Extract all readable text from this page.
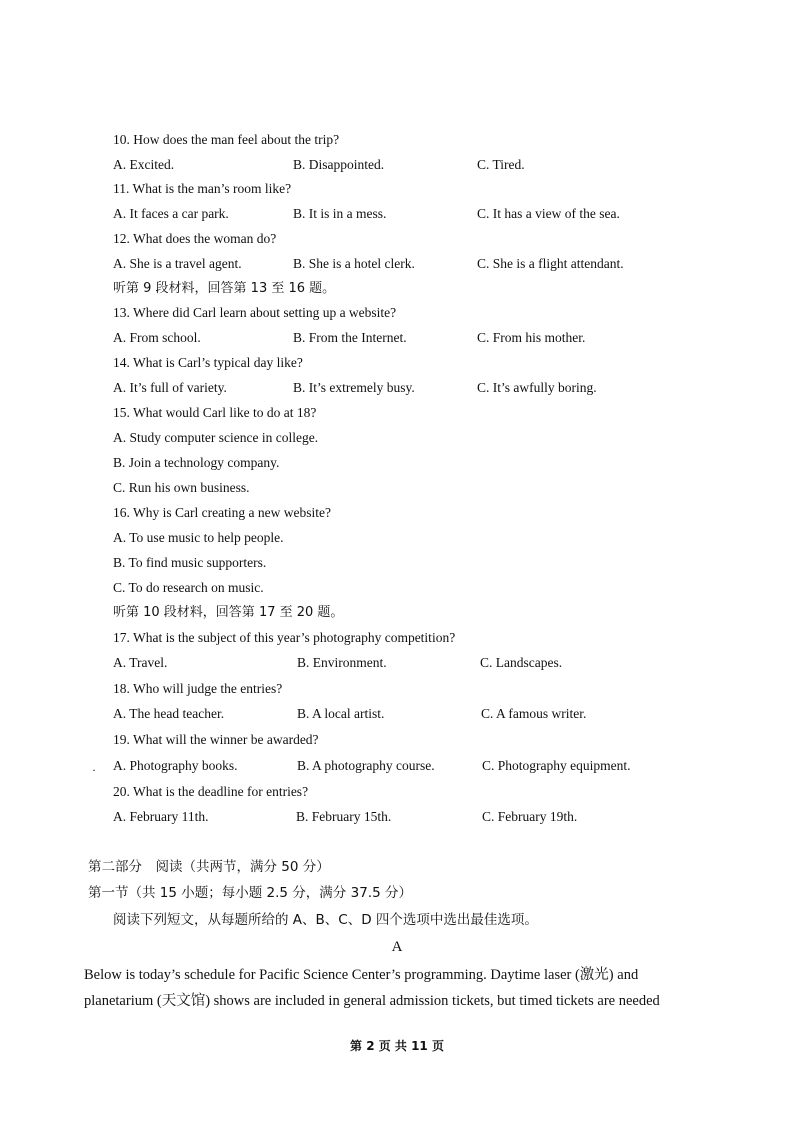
10. How does the man feel about the trip?
A. Excited.	B. Disappointed.	C. Tired.
11. What is the man’s room like?
A. It faces a car park.	B. It is in a mess.	C. It has a view of the sea.
12. What does the woman do?
A. She is a travel agent.	B. She is a hotel clerk.	C. She is a flight attendant.
听第 9 段材料，回答第 13 至 16 题。
13. Where did Carl learn about setting up a website?
A. From school.	B. From the Internet.	C. From his mother.
14. What is Carl’s typical day like?
A. It’s full of variety.	B. It’s extremely busy.	C. It’s awfully boring.
15. What would Carl like to do at 18?
A. Study computer science in college.
B. Join a technology company.
C. Run his own business.
16. Why is Carl creating a new website?
A. To use music to help people.
B. To find music supporters.
C. To do research on music.
听第 10 段材料，回答第 17 至 20 题。
17. What is the subject of this year’s photography competition?
A. Travel.	B. Environment.	C. Landscapes.
18. Who will judge the entries?
A. The head teacher.	B. A local artist.	C. A famous writer.
19. What will the winner be awarded?
· A. Photography books.	B. A photography course.	C. Photography equipment.
20. What is the deadline for entries?
A. February 11th.	B. February 15th.	C. February 19th.
第二部分　阅读（共两节，满分 50 分）
第一节（共 15 小题；每小题 2.5 分，满分 37.5 分）
阅读下列短文，从每题所给的 A、B、C、D 四个选项中选出最佳选项。
A
Below is today’s schedule for Pacific Science Center’s programming. Daytime laser (激光) and
planetarium (天文馆) shows are included in general admission tickets, but timed tickets are needed
第 2 页 共 11 页
